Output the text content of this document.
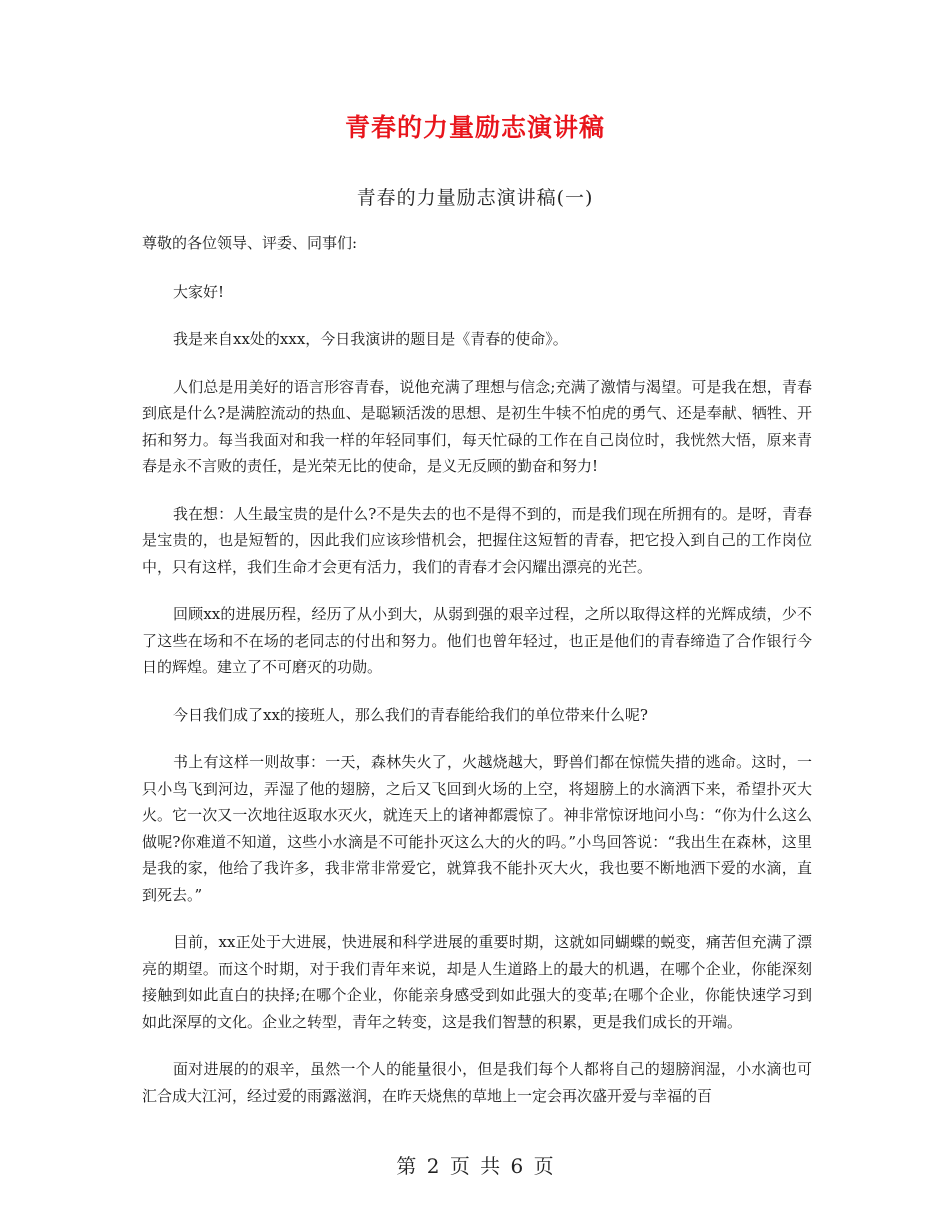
青春的力量励志演讲稿
青春的力量励志演讲稿(一)

尊敬的各位领导、评委、同事们:

大家好!

我是来自xx处的xxx，今日我演讲的题目是《青春的使命》。

人们总是用美好的语言形容青春，说他充满了理想与信念;充满了激情与渴望。可是我在想，青春到底是什么?是满腔流动的热血、是聪颖活泼的思想、是初生牛犊不怕虎的勇气、还是奉献、牺牲、开拓和努力。每当我面对和我一样的年轻同事们，每天忙碌的工作在自己岗位时，我恍然大悟，原来青春是永不言败的责任，是光荣无比的使命，是义无反顾的勤奋和努力!

我在想：人生最宝贵的是什么?不是失去的也不是得不到的，而是我们现在所拥有的。是呀，青春是宝贵的，也是短暂的，因此我们应该珍惜机会，把握住这短暂的青春，把它投入到自己的工作岗位中，只有这样，我们生命才会更有活力，我们的青春才会闪耀出漂亮的光芒。

回顾xx的进展历程，经历了从小到大，从弱到强的艰辛过程，之所以取得这样的光辉成绩，少不了这些在场和不在场的老同志的付出和努力。他们也曾年轻过，也正是他们的青春缔造了合作银行今日的辉煌。建立了不可磨灭的功勋。

今日我们成了xx的接班人，那么我们的青春能给我们的单位带来什么呢?

书上有这样一则故事：一天，森林失火了，火越烧越大，野兽们都在惊慌失措的逃命。这时，一只小鸟飞到河边，弄湿了他的翅膀，之后又飞回到火场的上空，将翅膀上的水滴洒下来，希望扑灭大火。它一次又一次地往返取水灭火，就连天上的诸神都震惊了。神非常惊讶地问小鸟：“你为什么这么做呢?你难道不知道，这些小水滴是不可能扑灭这么大的火的吗。”小鸟回答说：“我出生在森林，这里是我的家，他给了我许多，我非常非常爱它，就算我不能扑灭大火，我也要不断地洒下爱的水滴，直到死去。”

目前，xx正处于大进展，快进展和科学进展的重要时期，这就如同蝴蝶的蜕变，痛苦但充满了漂亮的期望。而这个时期，对于我们青年来说，却是人生道路上的最大的机遇，在哪个企业，你能深刻接触到如此直白的抉择;在哪个企业，你能亲身感受到如此强大的变革;在哪个企业，你能快速学习到如此深厚的文化。企业之转型，青年之转变，这是我们智慧的积累，更是我们成长的开端。

面对进展的的艰辛，虽然一个人的能量很小，但是我们每个人都将自己的翅膀润湿，小水滴也可汇合成大江河，经过爱的雨露滋润，在昨天烧焦的草地上一定会再次盛开爱与幸福的百

第 2 页 共 6 页
